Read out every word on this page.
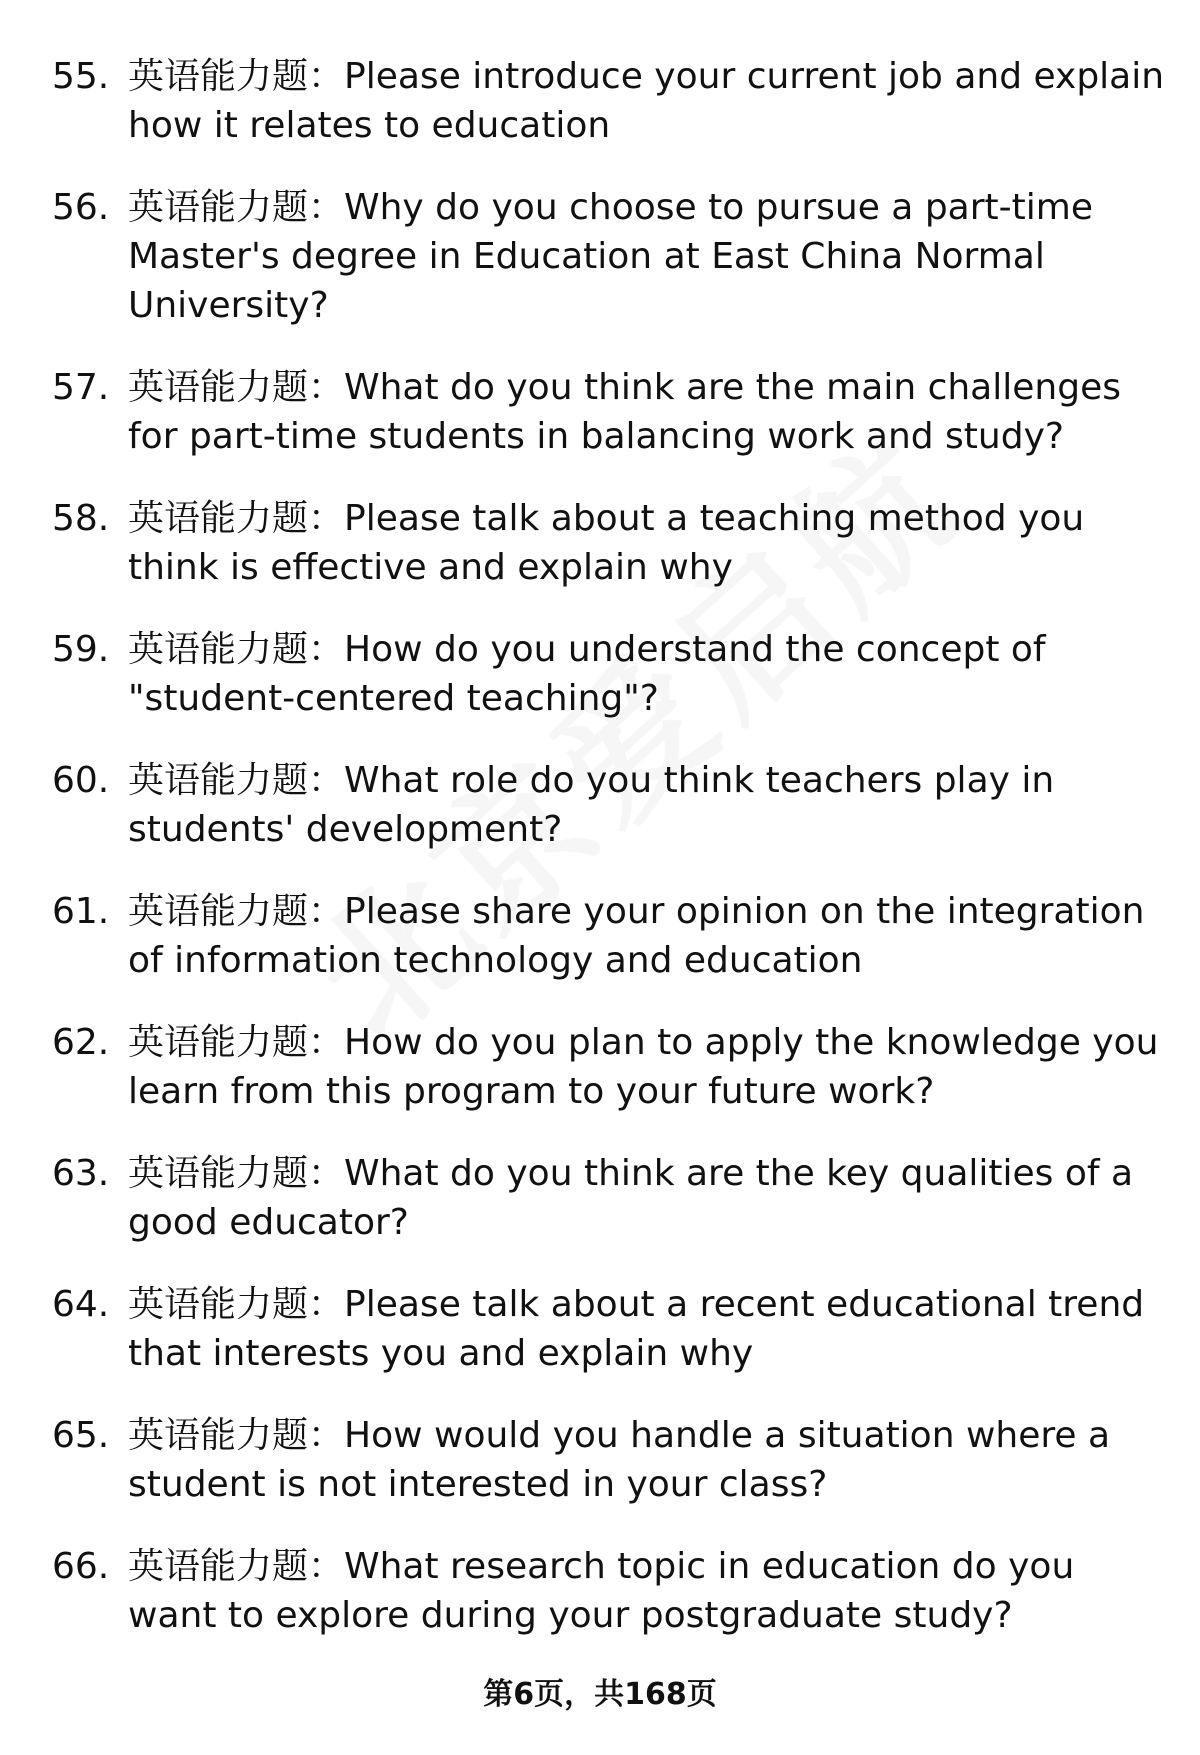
55. 英语能力题：Please introduce your current job and explain how it relates to education
56. 英语能力题：Why do you choose to pursue a part-time Master's degree in Education at East China Normal University?
57. 英语能力题：What do you think are the main challenges for part-time students in balancing work and study?
58. 英语能力题：Please talk about a teaching method you think is effective and explain why
59. 英语能力题：How do you understand the concept of "student-centered teaching"?
60. 英语能力题：What role do you think teachers play in students' development?
61. 英语能力题：Please share your opinion on the integration of information technology and education
62. 英语能力题：How do you plan to apply the knowledge you learn from this program to your future work?
63. 英语能力题：What do you think are the key qualities of a good educator?
64. 英语能力题：Please talk about a recent educational trend that interests you and explain why
65. 英语能力题：How would you handle a situation where a student is not interested in your class?
66. 英语能力题：What research topic in education do you want to explore during your postgraduate study?
第6页，共168页
